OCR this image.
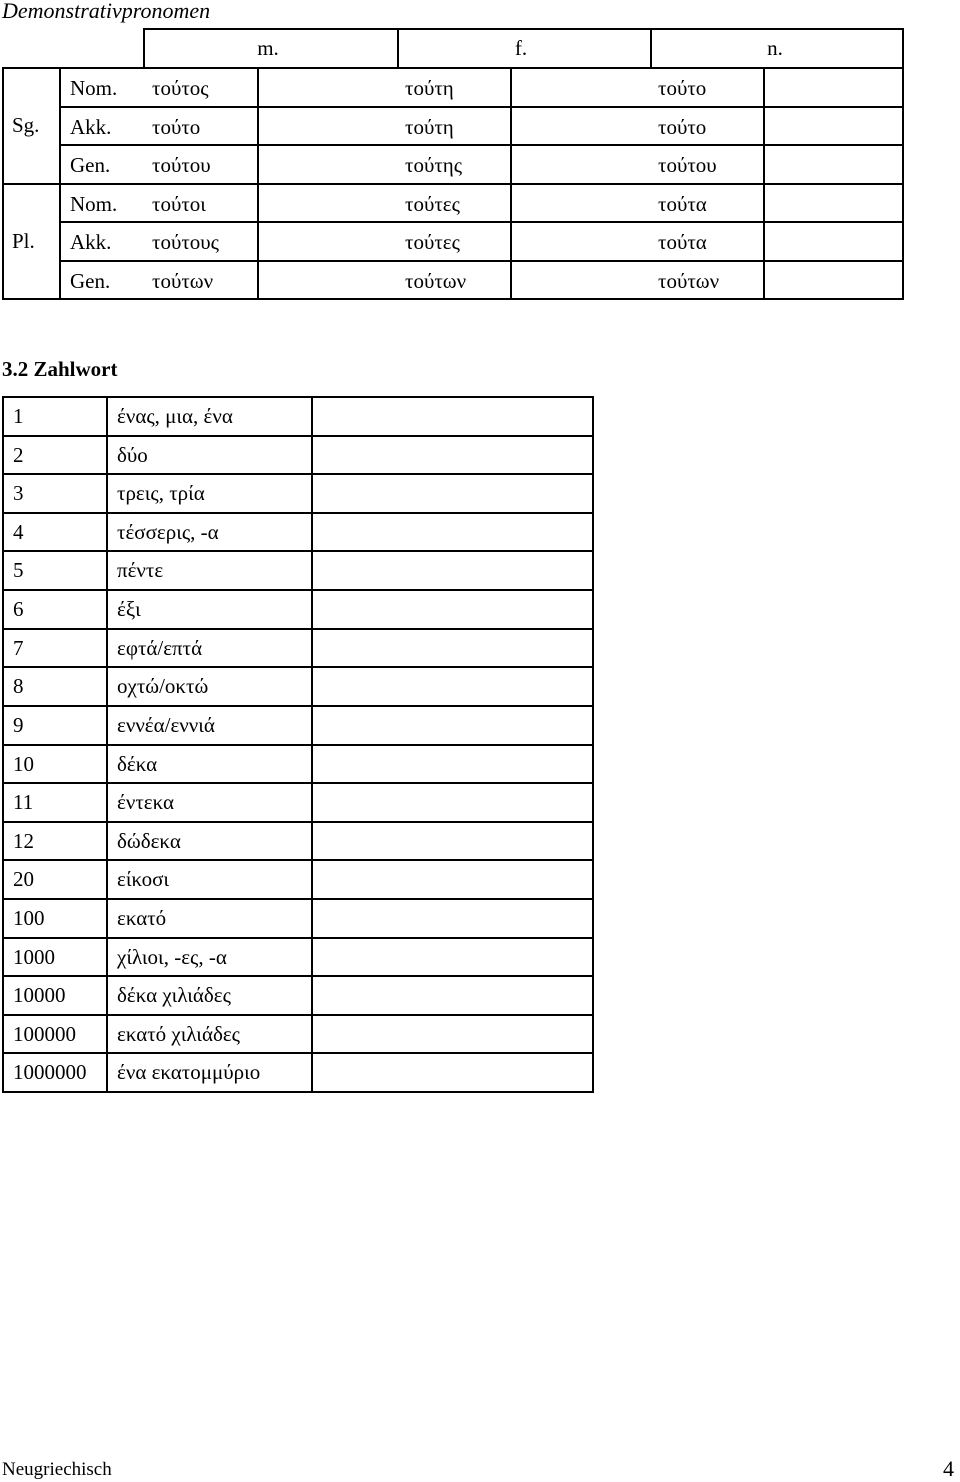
Demonstrativpronomen
m.	f.	n.
Sg.
Nom. τούτος	τούτη	τούτο
Akk. τούτο	τούτη	τούτο
Gen. τούτου	τούτης	τούτου
Pl.
Nom. τούτοι	τούτες	τούτα
Akk. τούτους	τούτες	τούτα
Gen. τούτων	τούτων	τούτων
3.2 Zahlwort
1	ένας, μια, ένα
2	δύο
3	τρεις, τρία
4	τέσσερις, -α
5	πέντε
6	έξι
7	εφτά/επτά
8	οχτώ/οκτώ
9	εννέα/εννιά
10	δέκα
11	έντεκα
12	δώδεκα
20	είκοσι
100	εκατό
1000	χίλιοι, -ες, -α
10000 δέκα χιλιάδες
100000 εκατό χιλιάδες
1000000 ένα εκατομμύριο
Neugriechisch	4
